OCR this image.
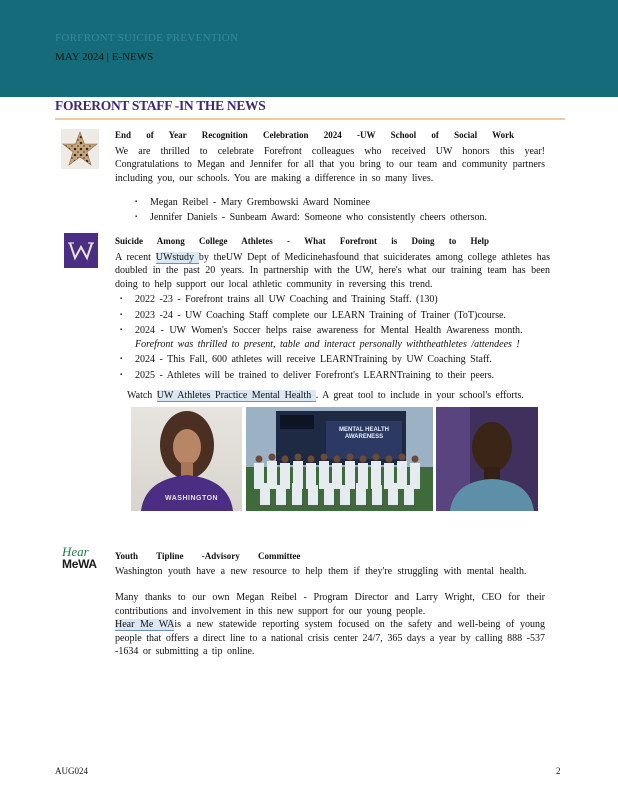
FORFRONT SUICIDE PREVENTION
MAY 2024 | E-NEWS
FORERONT STAFF -IN THE NEWS
End of Year Recognition Celebration 2024 -UW School of Social Work
We are thrilled to celebrate Forefront colleagues who received UW honors this year! Congratulations to Megan and Jennifer for all that you bring to our team and community partners including you, our schools. You are making a difference in so many lives.
▪ Megan Reibel - Mary Grembowski Award Nominee
▪ Jennifer Daniels - Sunbeam Award: Someone who consistently cheers otherson.
Suicide Among College Athletes - What Forefront is Doing to Help
A recent UWstudy by theUW Dept of Medicinehasfound that suiciderates among college athletes has doubled in the past 20 years. In partnership with the UW, here's what our training team has been doing to help support our local athletic community in reversing this trend.
▪ 2022 -23 - Forefront trains all UW Coaching and Training Staff. (130)
▪ 2023 -24 - UW Coaching Staff complete our LEARN Training of Trainer (ToT)course.
▪ 2024 - UW Women's Soccer helps raise awareness for Mental Health Awareness month.
Forefront was thrilled to present, table and interact personally withtheathletes /attendees !
▪ 2024 - This Fall, 600 athletes will receive LEARNTraining by UW Coaching Staff.
▪ 2025 - Athletes will be trained to deliver Forefront's LEARNTraining to their peers.
Watch UW Athletes Practice Mental Health . A great tool to include in your school's efforts.
WASHINGTON
MENTAL HEALTH AWARENESS
Hear
MeWA
Youth Tipline -Advisory Committee
Washington youth have a new resource to help them if they're struggling with mental health.
Many thanks to our own Megan Reibel - Program Director and Larry Wright, CEO for their contributions and involvement in this new support for our young people.
Hear Me WAis a new statewide reporting system focused on the safety and well-being of young people that offers a direct line to a national crisis center 24/7, 365 days a year by calling 888 -537 -1634 or submitting a tip online.
AUG024	2
